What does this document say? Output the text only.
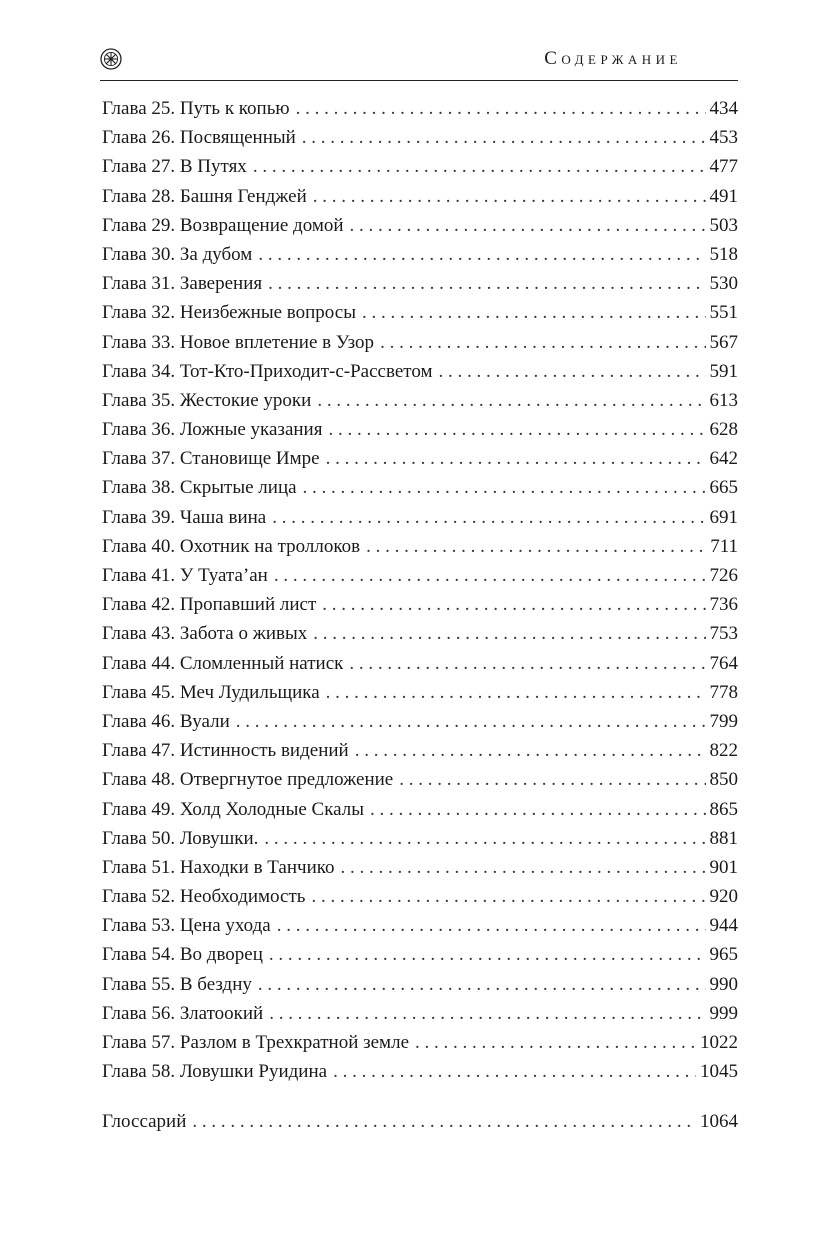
Содержание
Глава 25. Путь к копью . . .	434
Глава 26. Посвященный . . .	453
Глава 27. В Путях . . .	477
Глава 28. Башня Генджей . . .	491
Глава 29. Возвращение домой . . .	503
Глава 30. За дубом . . .	518
Глава 31. Заверения . . .	530
Глава 32. Неизбежные вопросы . . .	551
Глава 33. Новое вплетение в Узор . . .	567
Глава 34. Тот-Кто-Приходит-с-Рассветом . . .	591
Глава 35. Жестокие уроки . . .	613
Глава 36. Ложные указания . . .	628
Глава 37. Становище Имре . . .	642
Глава 38. Скрытые лица . . .	665
Глава 39. Чаша вина . . .	691
Глава 40. Охотник на троллоков . . .	711
Глава 41. У Туата’ан . . .	726
Глава 42. Пропавший лист . . .	736
Глава 43. Забота о живых . . .	753
Глава 44. Сломленный натиск . . .	764
Глава 45. Меч Лудильщика . . .	778
Глава 46. Вуали . . .	799
Глава 47. Истинность видений . . .	822
Глава 48. Отвергнутое предложение . . .	850
Глава 49. Холд Холодные Скалы . . .	865
Глава 50. Ловушки. . . .	881
Глава 51. Находки в Танчико . . .	901
Глава 52. Необходимость . . .	920
Глава 53. Цена ухода . . .	944
Глава 54. Во дворец . . .	965
Глава 55. В бездну . . .	990
Глава 56. Златоокий . . .	999
Глава 57. Разлом в Трехкратной земле . . .	1022
Глава 58. Ловушки Руидина . . .	1045
Глоссарий . . .	1064
